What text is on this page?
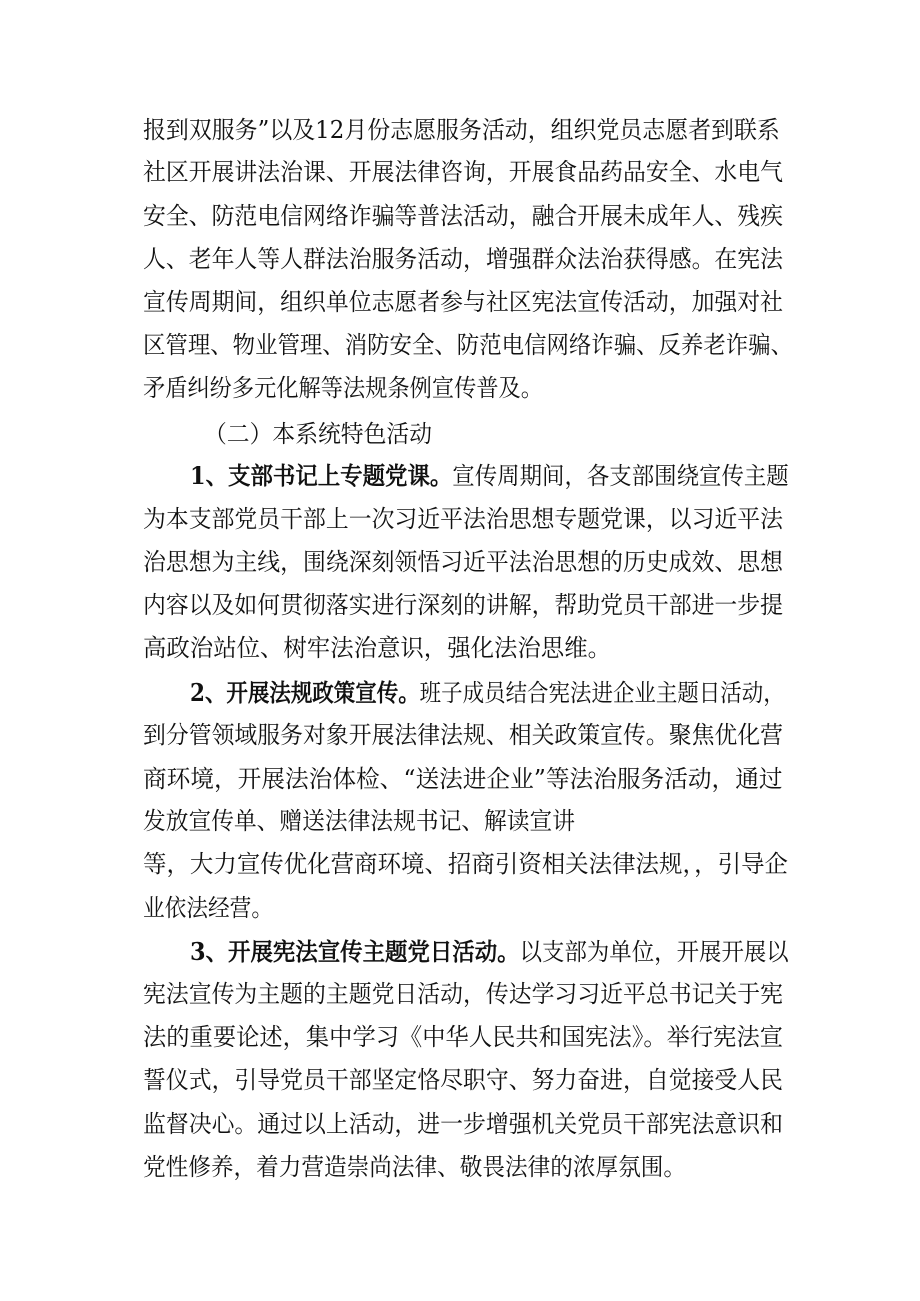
报到双服务”以及12月份志愿服务活动，组织党员志愿者到联系
社区开展讲法治课、开展法律咨询，开展食品药品安全、水电气
安全、防范电信网络诈骗等普法活动，融合开展未成年人、残疾
人、老年人等人群法治服务活动，增强群众法治获得感。在宪法
宣传周期间，组织单位志愿者参与社区宪法宣传活动，加强对社
区管理、物业管理、消防安全、防范电信网络诈骗、反养老诈骗、
矛盾纠纷多元化解等法规条例宣传普及。
（二）本系统特色活动
1、支部书记上专题党课。宣传周期间，各支部围绕宣传主题
为本支部党员干部上一次习近平法治思想专题党课，以习近平法
治思想为主线，围绕深刻领悟习近平法治思想的历史成效、思想
内容以及如何贯彻落实进行深刻的讲解，帮助党员干部进一步提
高政治站位、树牢法治意识，强化法治思维。
2、开展法规政策宣传。班子成员结合宪法进企业主题日活动，
到分管领域服务对象开展法律法规、相关政策宣传。聚焦优化营
商环境，开展法治体检、“送法进企业”等法治服务活动，通过
发放宣传单、赠送法律法规书记、解读宣讲
等，大力宣传优化营商环境、招商引资相关法律法规，，引导企
业依法经营。
3、开展宪法宣传主题党日活动。以支部为单位，开展开展以
宪法宣传为主题的主题党日活动，传达学习习近平总书记关于宪
法的重要论述，集中学习《中华人民共和国宪法》。举行宪法宣
誓仪式，引导党员干部坚定恪尽职守、努力奋进，自觉接受人民
监督决心。通过以上活动，进一步增强机关党员干部宪法意识和
党性修养，着力营造崇尚法律、敬畏法律的浓厚氛围。
